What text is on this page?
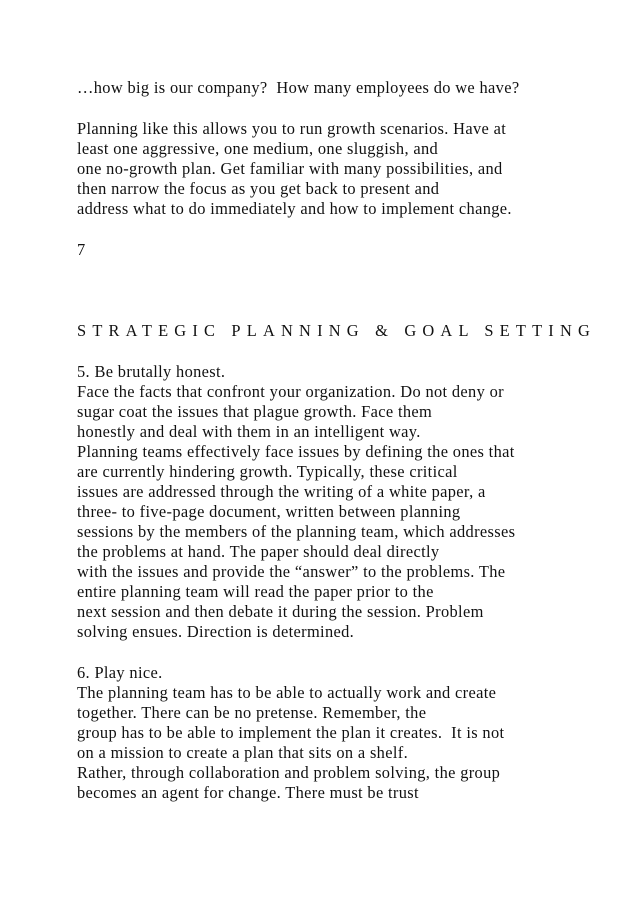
…how big is our company?  How many employees do we have?
Planning like this allows you to run growth scenarios. Have at
least one aggressive, one medium, one sluggish, and
one no-growth plan. Get familiar with many possibilities, and
then narrow the focus as you get back to present and
address what to do immediately and how to implement change.
7
STRATEGIC PLANNING & GOAL SETTING
5. Be brutally honest.
Face the facts that confront your organization. Do not deny or
sugar coat the issues that plague growth. Face them
honestly and deal with them in an intelligent way.
Planning teams effectively face issues by defining the ones that
are currently hindering growth. Typically, these critical
issues are addressed through the writing of a white paper, a
three- to five-page document, written between planning
sessions by the members of the planning team, which addresses
the problems at hand. The paper should deal directly
with the issues and provide the “answer” to the problems. The
entire planning team will read the paper prior to the
next session and then debate it during the session. Problem
solving ensues. Direction is determined.
6. Play nice.
The planning team has to be able to actually work and create
together. There can be no pretense. Remember, the
group has to be able to implement the plan it creates.  It is not
on a mission to create a plan that sits on a shelf.
Rather, through collaboration and problem solving, the group
becomes an agent for change. There must be trust
